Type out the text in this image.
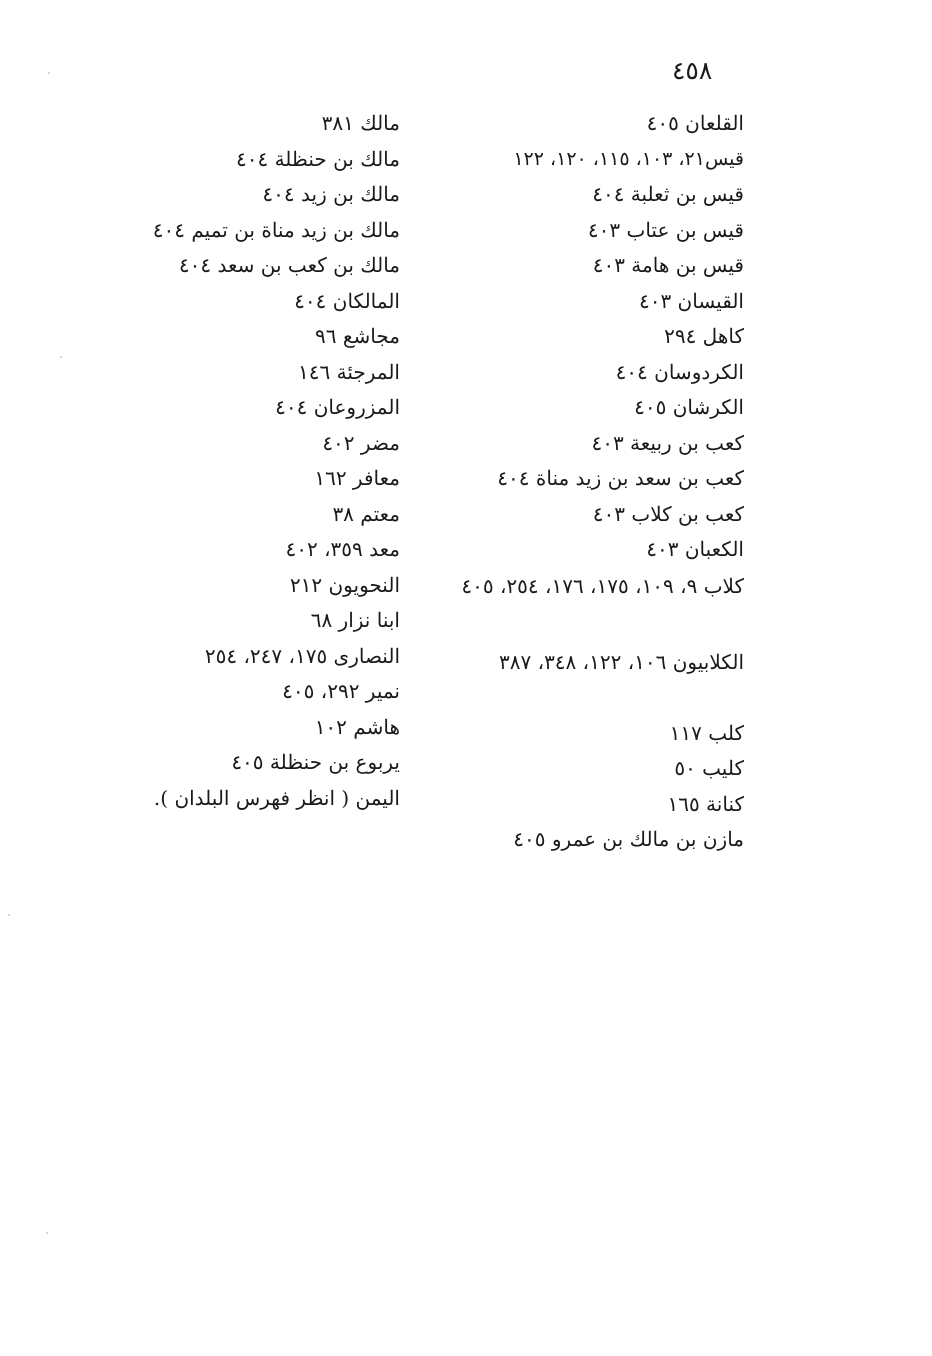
٤٥٨
القلعان ٤٠٥
قيس٢١، ١٠٣، ١١٥، ١٢٠، ١٢٢
قيس بن ثعلبة ٤٠٤
قيس بن عتاب ٤٠٣
قيس بن هامة ٤٠٣
القيسان ٤٠٣
كاهل ٢٩٤
الكردوسان ٤٠٤
الكرشان ٤٠٥
كعب بن ربيعة ٤٠٣
كعب بن سعد بن زيد مناة ٤٠٤
كعب بن كلاب ٤٠٣
الكعبان ٤٠٣
كلاب ٩، ١٠٩، ١٧٥، ١٧٦، ٢٥٤، ٤٠٥
الكلابيون ١٠٦، ١٢٢، ٣٤٨، ٣٨٧
كلب ١١٧
كليب ٥٠
كنانة ١٦٥
مازن بن مالك بن عمرو ٤٠٥
مالك ٣٨١
مالك بن حنظلة ٤٠٤
مالك بن زيد ٤٠٤
مالك بن زيد مناة بن تميم ٤٠٤
مالك بن كعب بن سعد ٤٠٤
المالكان ٤٠٤
مجاشع ٩٦
المرجئة ١٤٦
المزروعان ٤٠٤
مضر ٤٠٢
معافر ١٦٢
معتم ٣٨
معد ٣٥٩، ٤٠٢
النحويون ٢١٢
ابنا نزار ٦٨
النصارى ١٧٥، ٢٤٧، ٢٥٤
نمير ٢٩٢، ٤٠٥
هاشم ١٠٢
يربوع بن حنظلة ٤٠٥
اليمن ( انظر فهرس البلدان ).
